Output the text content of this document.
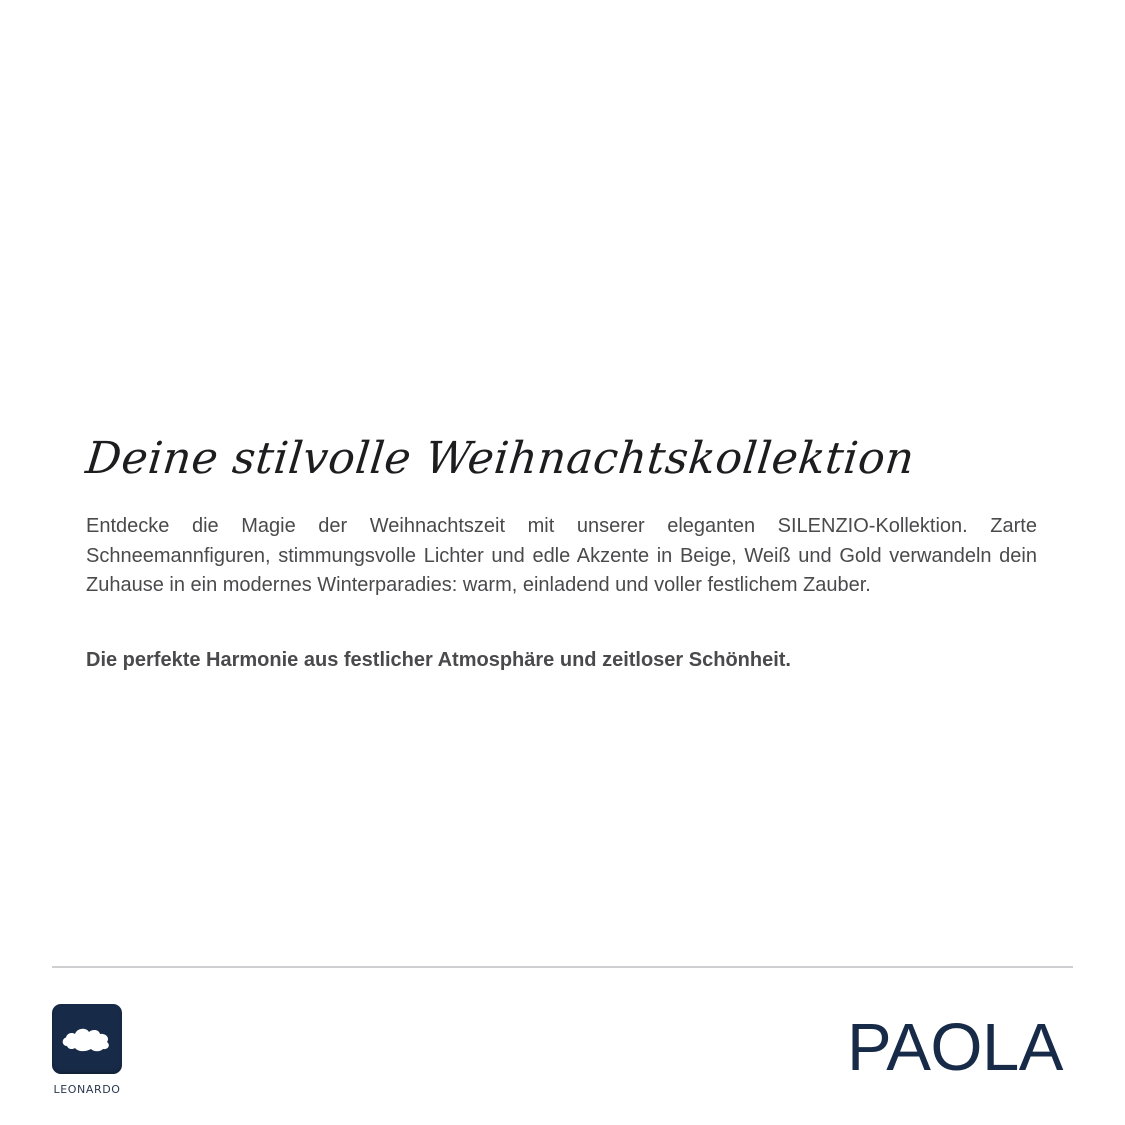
Deine stilvolle Weihnachtskollektion

Entdecke die Magie der Weihnachtszeit mit unserer eleganten SILENZIO-Kollektion. Zarte Schneemannfiguren, stimmungsvolle Lichter und edle Akzente in Beige, Weiß und Gold verwandeln dein Zuhause in ein modernes Winterparadies: warm, einladend und voller festlichem Zauber.

Die perfekte Harmonie aus festlicher Atmosphäre und zeitloser Schönheit.

LEONARDO
PAOLA
